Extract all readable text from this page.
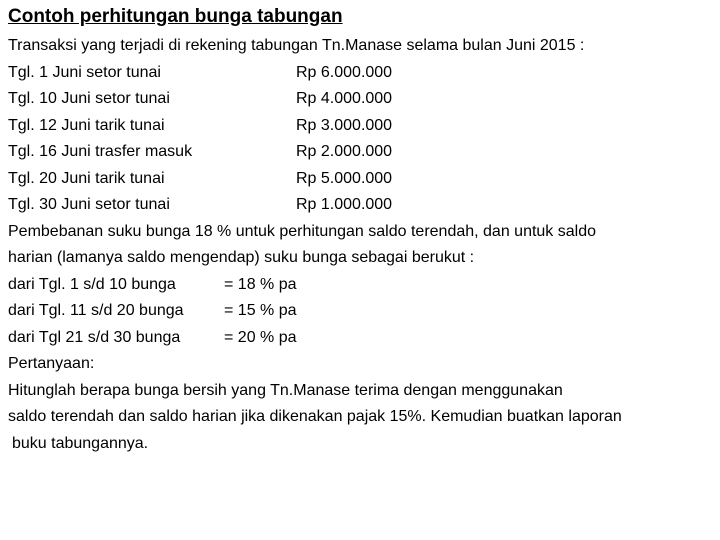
Contoh perhitungan bunga tabungan
Transaksi yang terjadi di rekening tabungan Tn.Manase selama bulan Juni 2015 :
Tgl. 1 Juni setor tunai	Rp 6.000.000
Tgl. 10 Juni setor tunai	Rp 4.000.000
Tgl. 12 Juni tarik tunai	Rp 3.000.000
Tgl. 16 Juni trasfer masuk	Rp 2.000.000
Tgl. 20 Juni tarik tunai	Rp 5.000.000
Tgl. 30 Juni setor tunai	Rp 1.000.000
Pembebanan suku bunga 18 % untuk perhitungan saldo terendah, dan untuk saldo
harian (lamanya saldo mengendap) suku bunga sebagai berukut :
dari Tgl. 1 s/d 10 bunga	= 18 % pa
dari Tgl. 11 s/d 20 bunga	= 15 % pa
dari Tgl 21 s/d 30 bunga	= 20 % pa
Pertanyaan:
Hitunglah berapa bunga bersih yang Tn.Manase terima dengan menggunakan
saldo terendah dan saldo harian jika dikenakan pajak 15%. Kemudian buatkan laporan
buku tabungannya.
